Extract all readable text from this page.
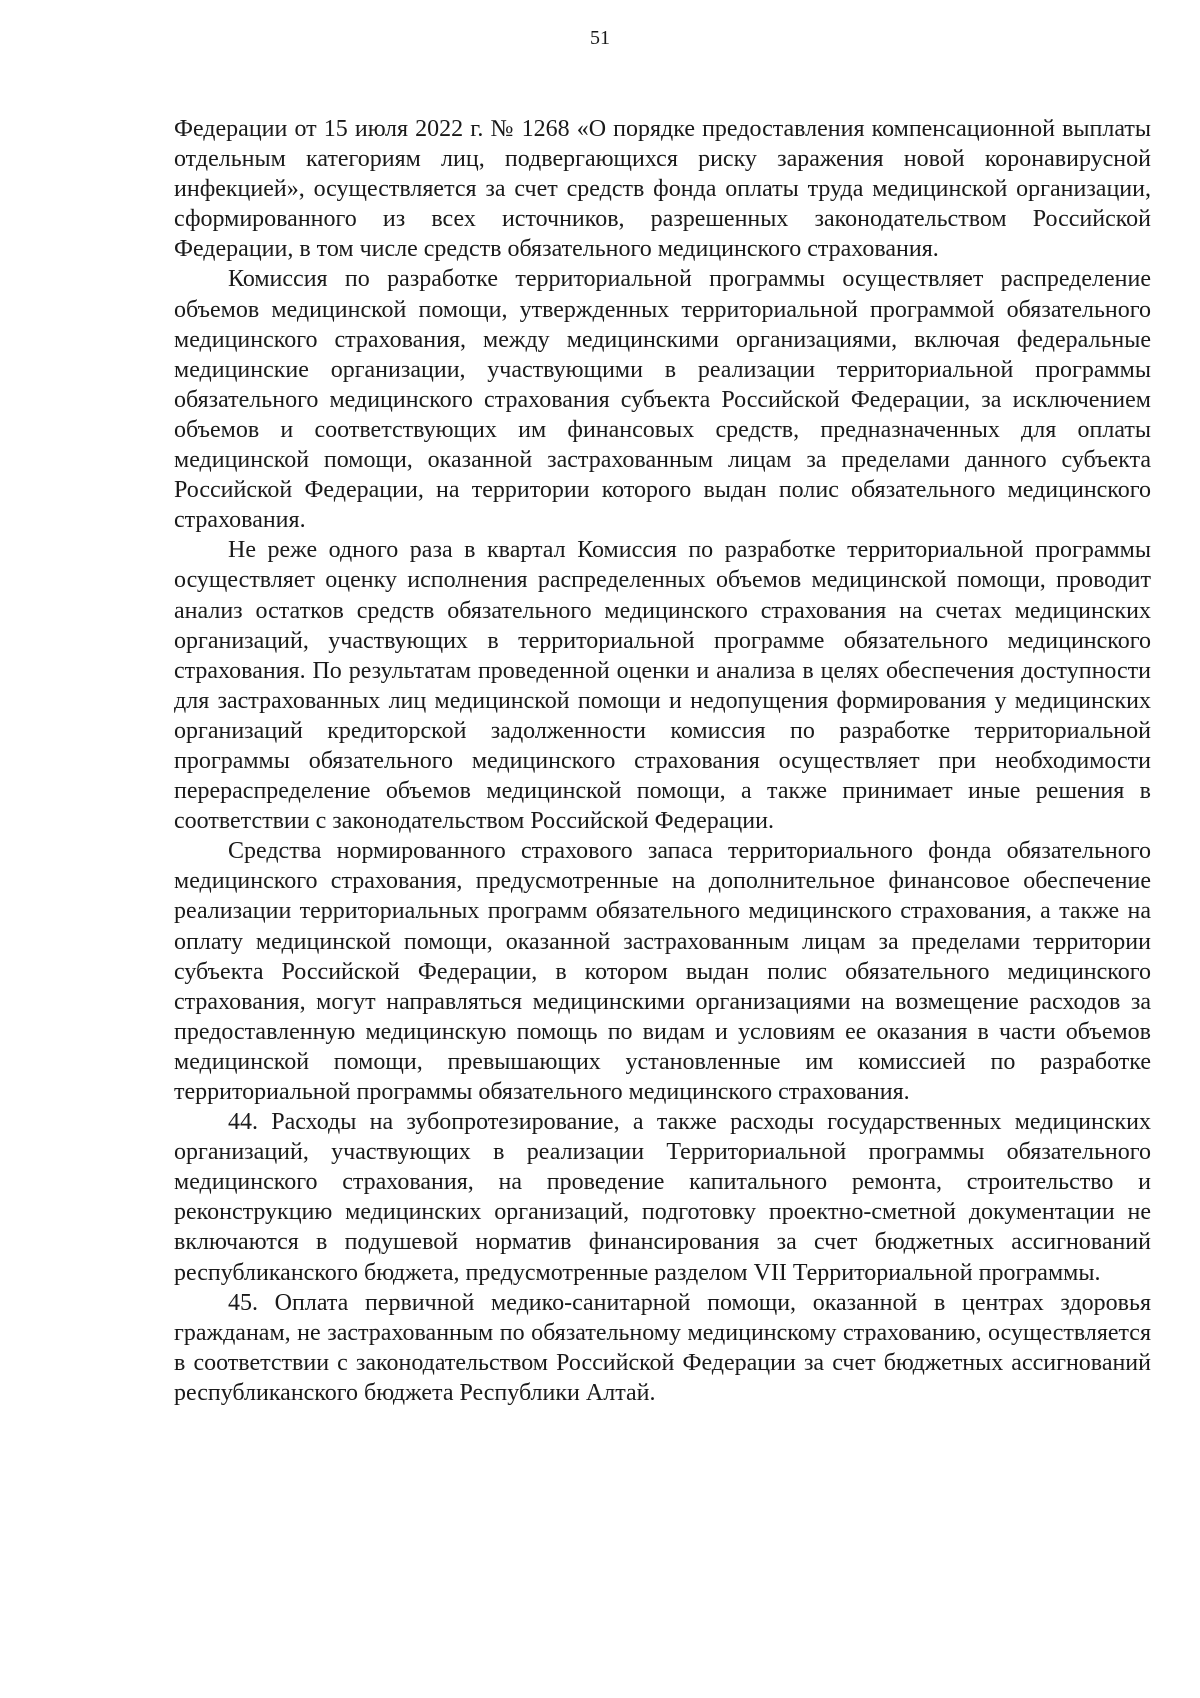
51

Федерации от 15 июля 2022 г. № 1268 «О порядке предоставления компенсационной выплаты отдельным категориям лиц, подвергающихся риску заражения новой коронавирусной инфекцией», осуществляется за счет средств фонда оплаты труда медицинской организации, сформированного из всех источников, разрешенных законодательством Российской Федерации, в том числе средств обязательного медицинского страхования.

Комиссия по разработке территориальной программы осуществляет распределение объемов медицинской помощи, утвержденных территориальной программой обязательного медицинского страхования, между медицинскими организациями, включая федеральные медицинские организации, участвующими в реализации территориальной программы обязательного медицинского страхования субъекта Российской Федерации, за исключением объемов и соответствующих им финансовых средств, предназначенных для оплаты медицинской помощи, оказанной застрахованным лицам за пределами данного субъекта Российской Федерации, на территории которого выдан полис обязательного медицинского страхования.

Не реже одного раза в квартал Комиссия по разработке территориальной программы осуществляет оценку исполнения распределенных объемов медицинской помощи, проводит анализ остатков средств обязательного медицинского страхования на счетах медицинских организаций, участвующих в территориальной программе обязательного медицинского страхования. По результатам проведенной оценки и анализа в целях обеспечения доступности для застрахованных лиц медицинской помощи и недопущения формирования у медицинских организаций кредиторской задолженности комиссия по разработке территориальной программы обязательного медицинского страхования осуществляет при необходимости перераспределение объемов медицинской помощи, а также принимает иные решения в соответствии с законодательством Российской Федерации.

Средства нормированного страхового запаса территориального фонда обязательного медицинского страхования, предусмотренные на дополнительное финансовое обеспечение реализации территориальных программ обязательного медицинского страхования, а также на оплату медицинской помощи, оказанной застрахованным лицам за пределами территории субъекта Российской Федерации, в котором выдан полис обязательного медицинского страхования, могут направляться медицинскими организациями на возмещение расходов за предоставленную медицинскую помощь по видам и условиям ее оказания в части объемов медицинской помощи, превышающих установленные им комиссией по разработке территориальной программы обязательного медицинского страхования.

44. Расходы на зубопротезирование, а также расходы государственных медицинских организаций, участвующих в реализации Территориальной программы обязательного медицинского страхования, на проведение капитального ремонта, строительство и реконструкцию медицинских организаций, подготовку проектно-сметной документации не включаются в подушевой норматив финансирования за счет бюджетных ассигнований республиканского бюджета, предусмотренные разделом VII Территориальной программы.

45. Оплата первичной медико-санитарной помощи, оказанной в центрах здоровья гражданам, не застрахованным по обязательному медицинскому страхованию, осуществляется в соответствии с законодательством Российской Федерации за счет бюджетных ассигнований республиканского бюджета Республики Алтай.
